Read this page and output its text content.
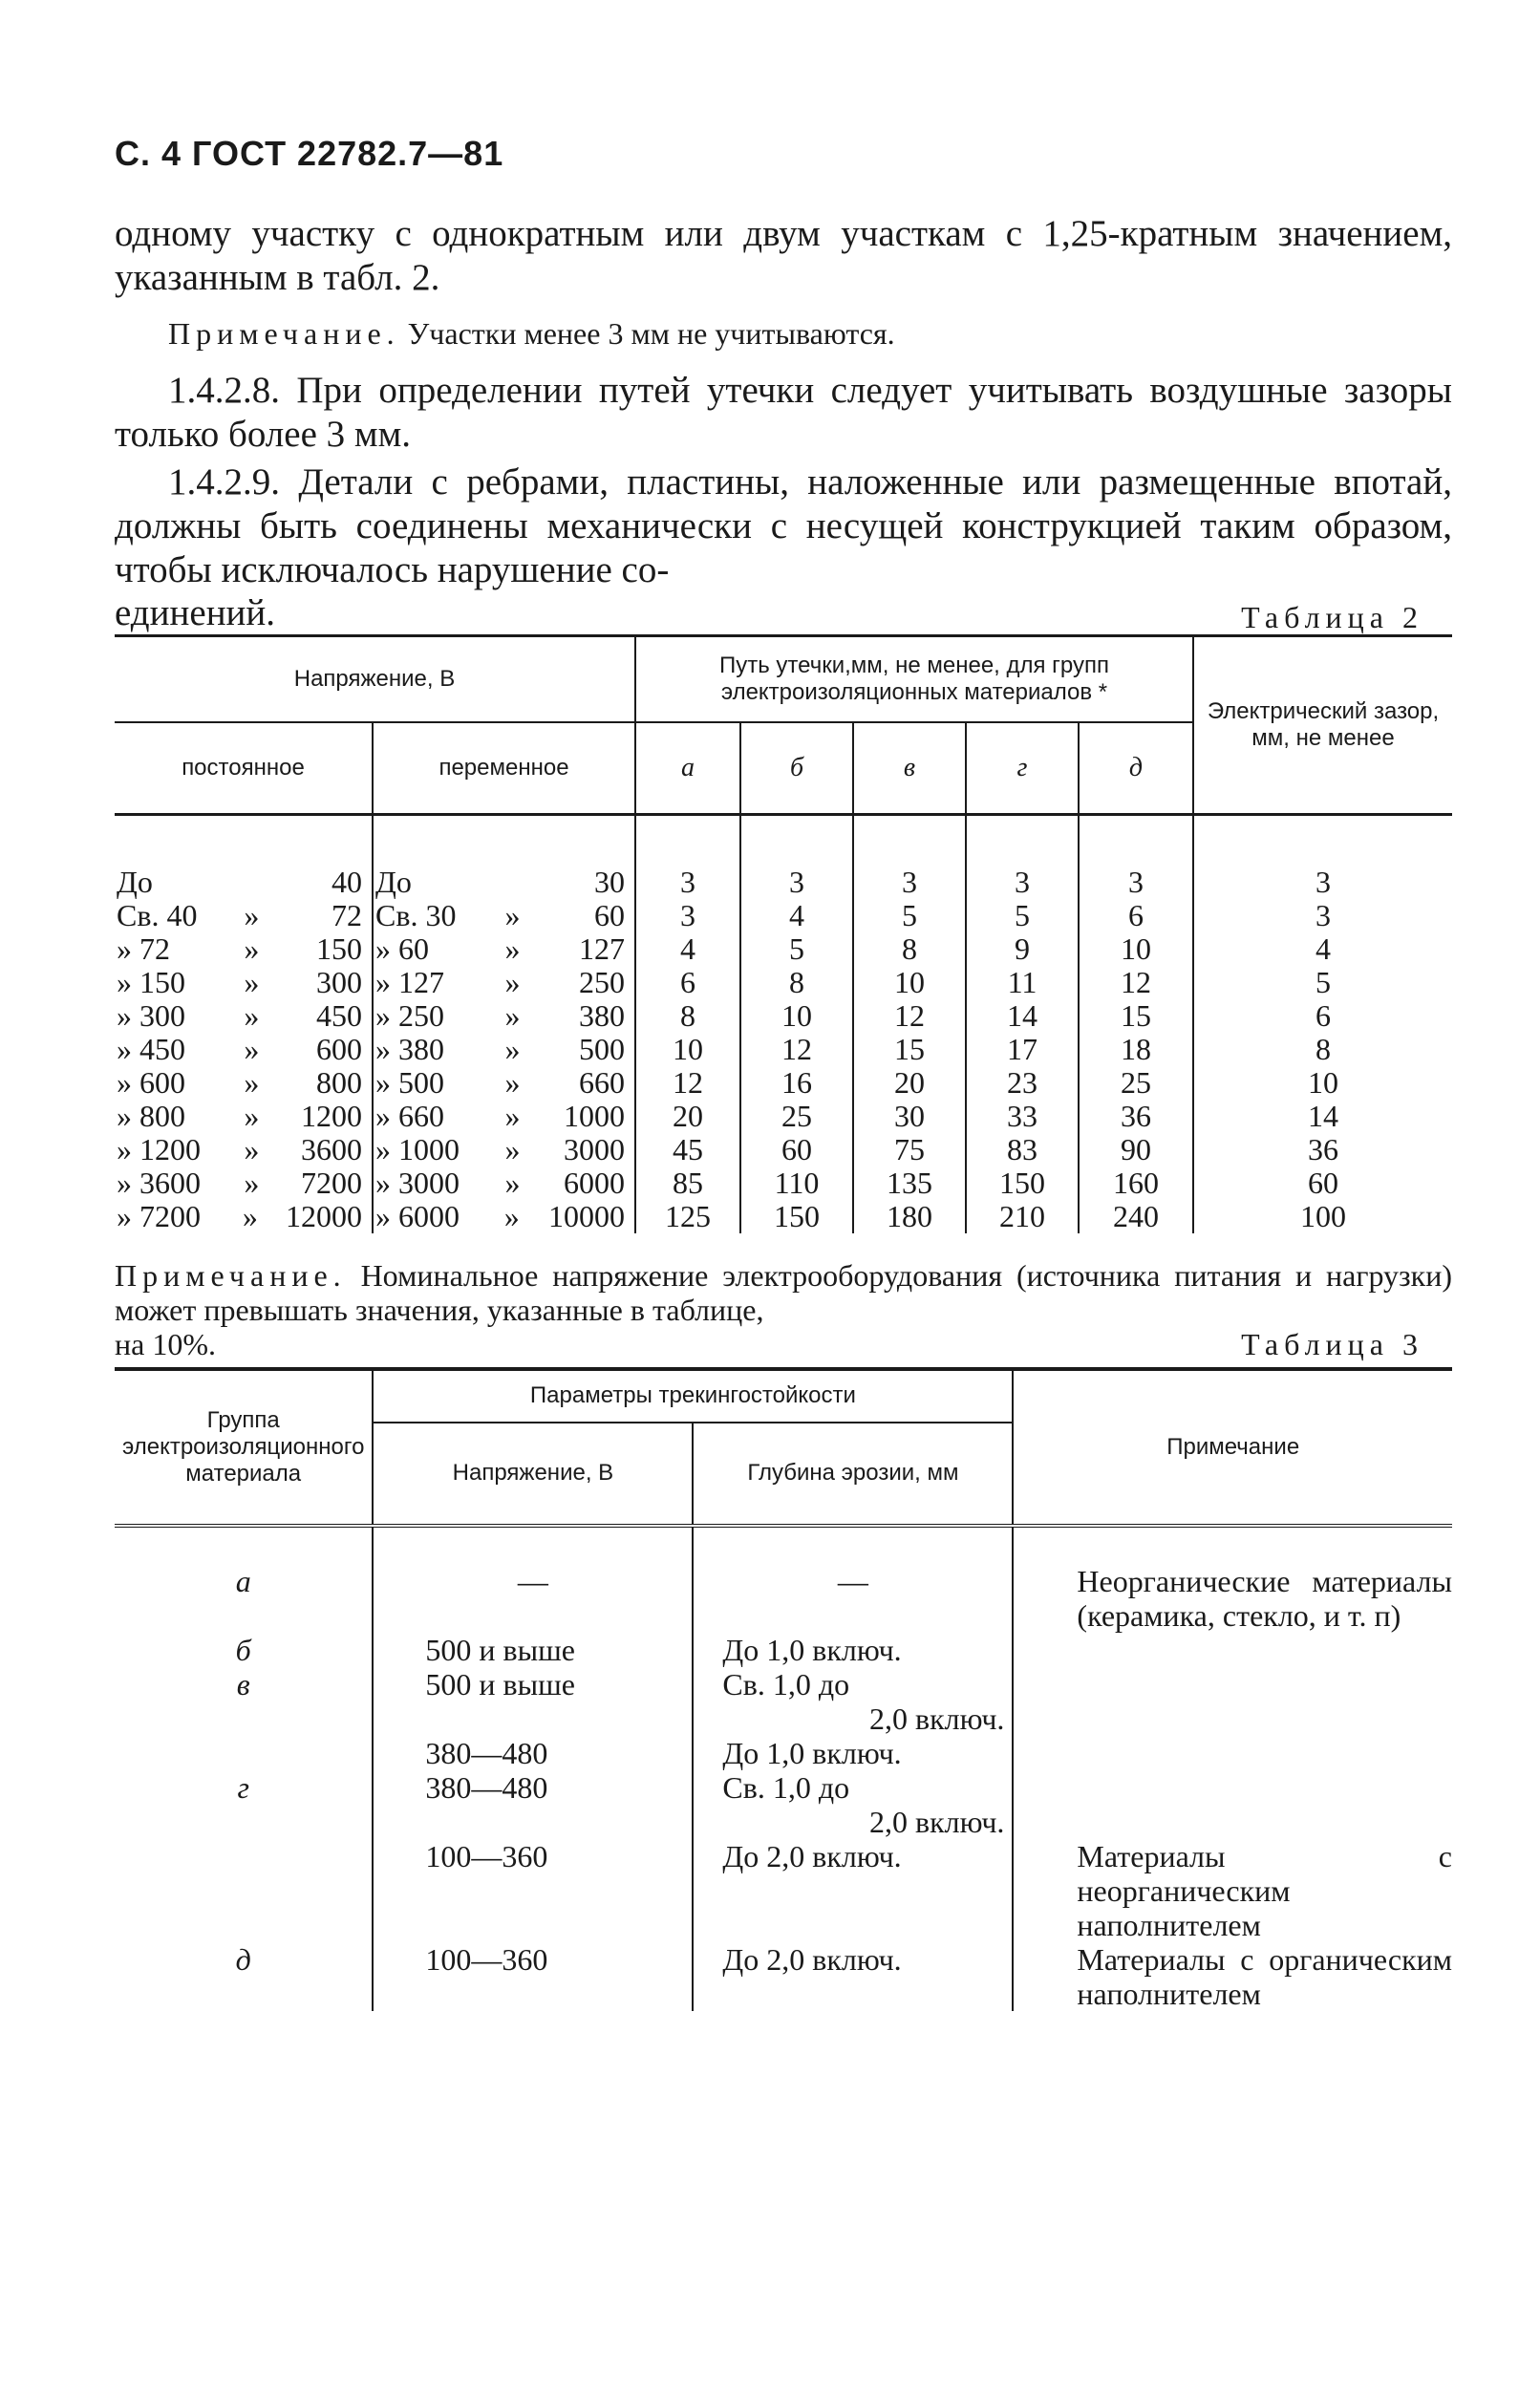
С. 4 ГОСТ 22782.7—81

одному участку с однократным или двум участкам с 1,25-кратным значением, указанным в табл. 2.

Примечание. Участки менее 3 мм не учитываются.

1.4.2.8. При определении путей утечки следует учитывать воздушные зазоры только более 3 мм.

1.4.2.9. Детали с ребрами, пластины, наложенные или размещенные впотай, должны быть соединены механически с несущей конструкцией таким образом, чтобы исключалось нарушение со-

единений.	Таблица 2
Напряжение, В		Путь утечки,мм, не менее, для групп электроизоляционных материалов *					Электрический зазор, мм, не менее
постоянное	переменное	а	б	в	г	д	

До 40	До 30	3	3	3	3	3	3

Св. 40 » 72	Св. 30 » 60	3	4	5	5	6	3

» 72 » 150	» 60 » 127	4	5	8	9	10	4

» 150 » 300	» 127 » 250	6	8	10	11	12	5

» 300 » 450	» 250 » 380	8	10	12	14	15	6

» 450 » 600	» 380 » 500	10	12	15	17	18	8

» 600 » 800	» 500 » 660	12	16	20	23	25	10

» 800 » 1200	» 660 » 1000	20	25	30	33	36	14

» 1200 » 3600	» 1000 » 3000	45	60	75	83	90	36

» 3600 » 7200	» 3000 » 6000	85	110	135	150	160	60

» 7200 » 12000	» 6000 » 10000	125	150	180	210	240	100
Примечание. Номинальное напряжение электрооборудования (источника питания и нагрузки) может превышать значения, указанные в таблице,
на 10%.	Таблица 3
Группа электроизоляционного материала	Параметры трекингостойкости		Примечание
	Напряжение, В	Глубина эрозии, мм	
а	—	—	Неорганические материалы (керамика, стекло, и т. п)
б	500 и выше	До 1,0 включ.	
в	500 и выше	Св. 1,0 до
2,0 включ.	

	380—480	До 1,0 включ.	
г	380—480	Св. 1,0 до
2,0 включ.	

	100—360	До 2,0 включ.	Материалы с неорганическим наполнителем
д	100—360	До 2,0 включ.	Материалы с органическим наполнителем
